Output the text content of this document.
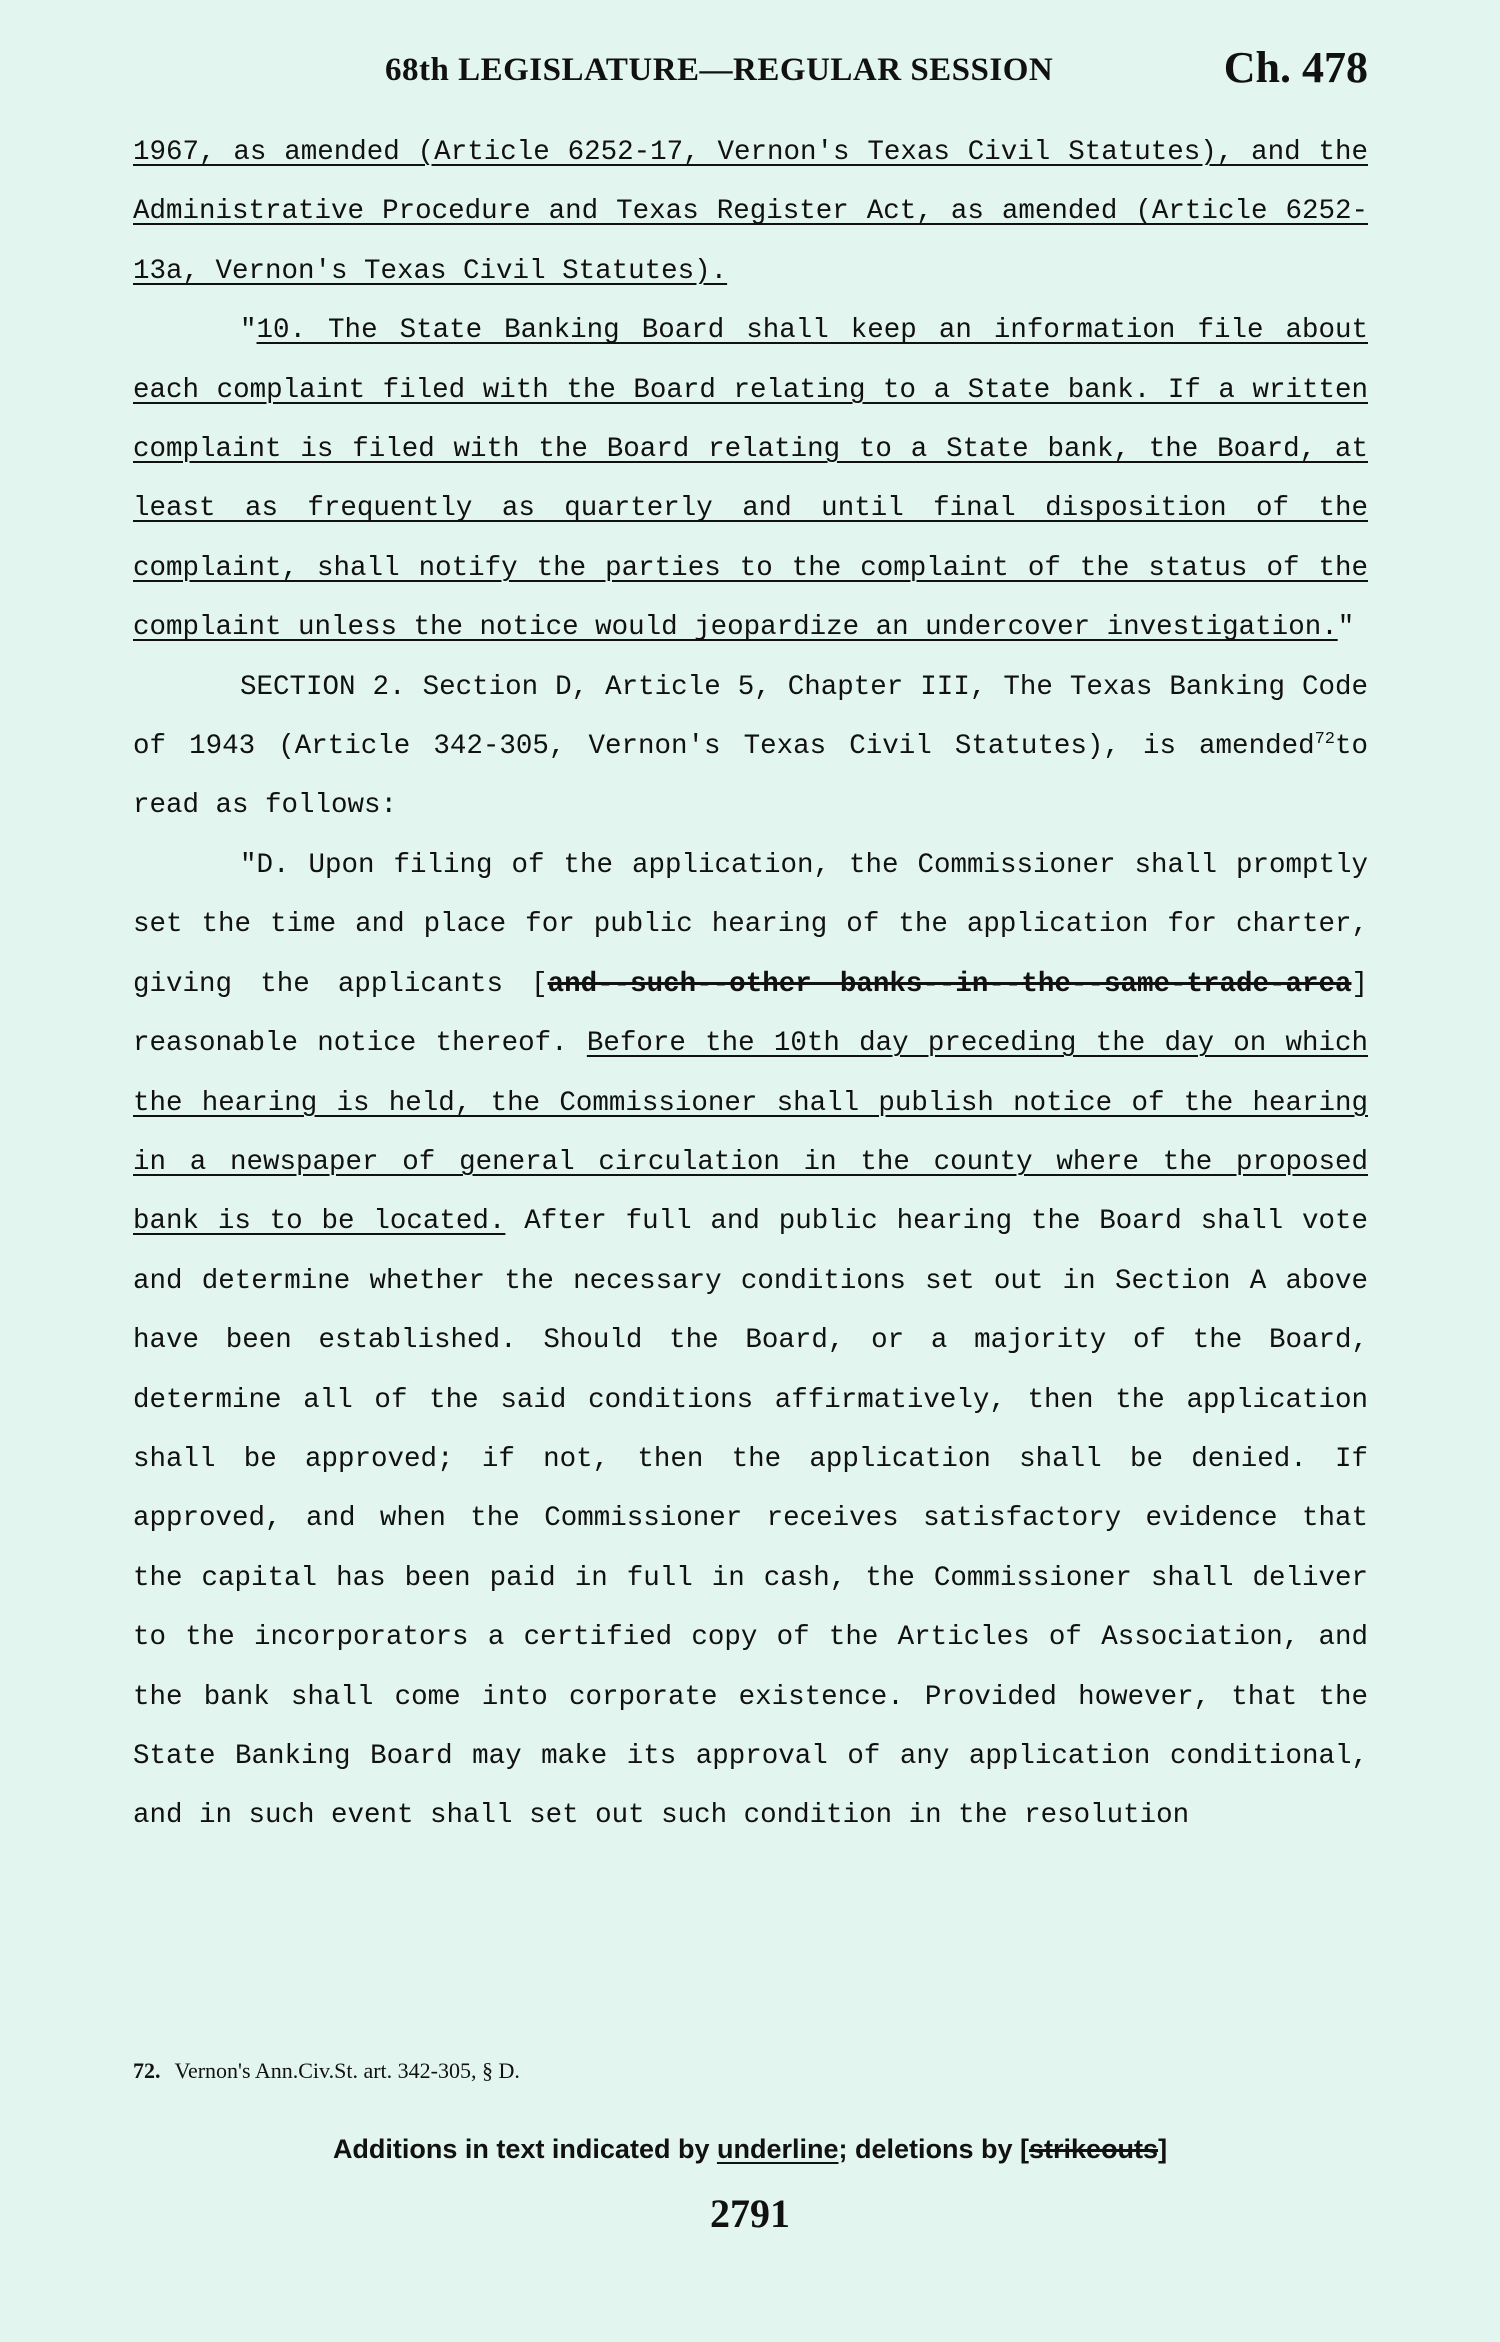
68th LEGISLATURE—REGULAR SESSION	Ch. 478

1967, as amended (Article 6252-17, Vernon's Texas Civil Statutes), and the Administrative Procedure and Texas Register Act, as amended (Article 6252-13a, Vernon's Texas Civil Statutes).

"10. The State Banking Board shall keep an information file about each complaint filed with the Board relating to a State bank. If a written complaint is filed with the Board relating to a State bank, the Board, at least as frequently as quarterly and until final disposition of the complaint, shall notify the parties to the complaint of the status of the complaint unless the notice would jeopardize an undercover investigation."

SECTION 2. Section D, Article 5, Chapter III, The Texas Banking Code of 1943 (Article 342-305, Vernon's Texas Civil Statutes), is amended$^{72}$to read as follows:

"D. Upon filing of the application, the Commissioner shall promptly set the time and place for public hearing of the application for charter, giving the applicants [and--such--other banks--in--the--same-trade-area] reasonable notice thereof. Before the 10th day preceding the day on which the hearing is held, the Commissioner shall publish notice of the hearing in a newspaper of general circulation in the county where the proposed bank is to be located. After full and public hearing the Board shall vote and determine whether the necessary conditions set out in Section A above have been established. Should the Board, or a majority of the Board, determine all of the said conditions affirmatively, then the application shall be approved; if not, then the application shall be denied. If approved, and when the Commissioner receives satisfactory evidence that the capital has been paid in full in cash, the Commissioner shall deliver to the incorporators a certified copy of the Articles of Association, and the bank shall come into corporate existence. Provided however, that the State Banking Board may make its approval of any application conditional, and in such event shall set out such condition in the resolution

72. Vernon's Ann.Civ.St. art. 342-305, § D.
Additions in text indicated by underline; deletions by [strikeouts]
2791
